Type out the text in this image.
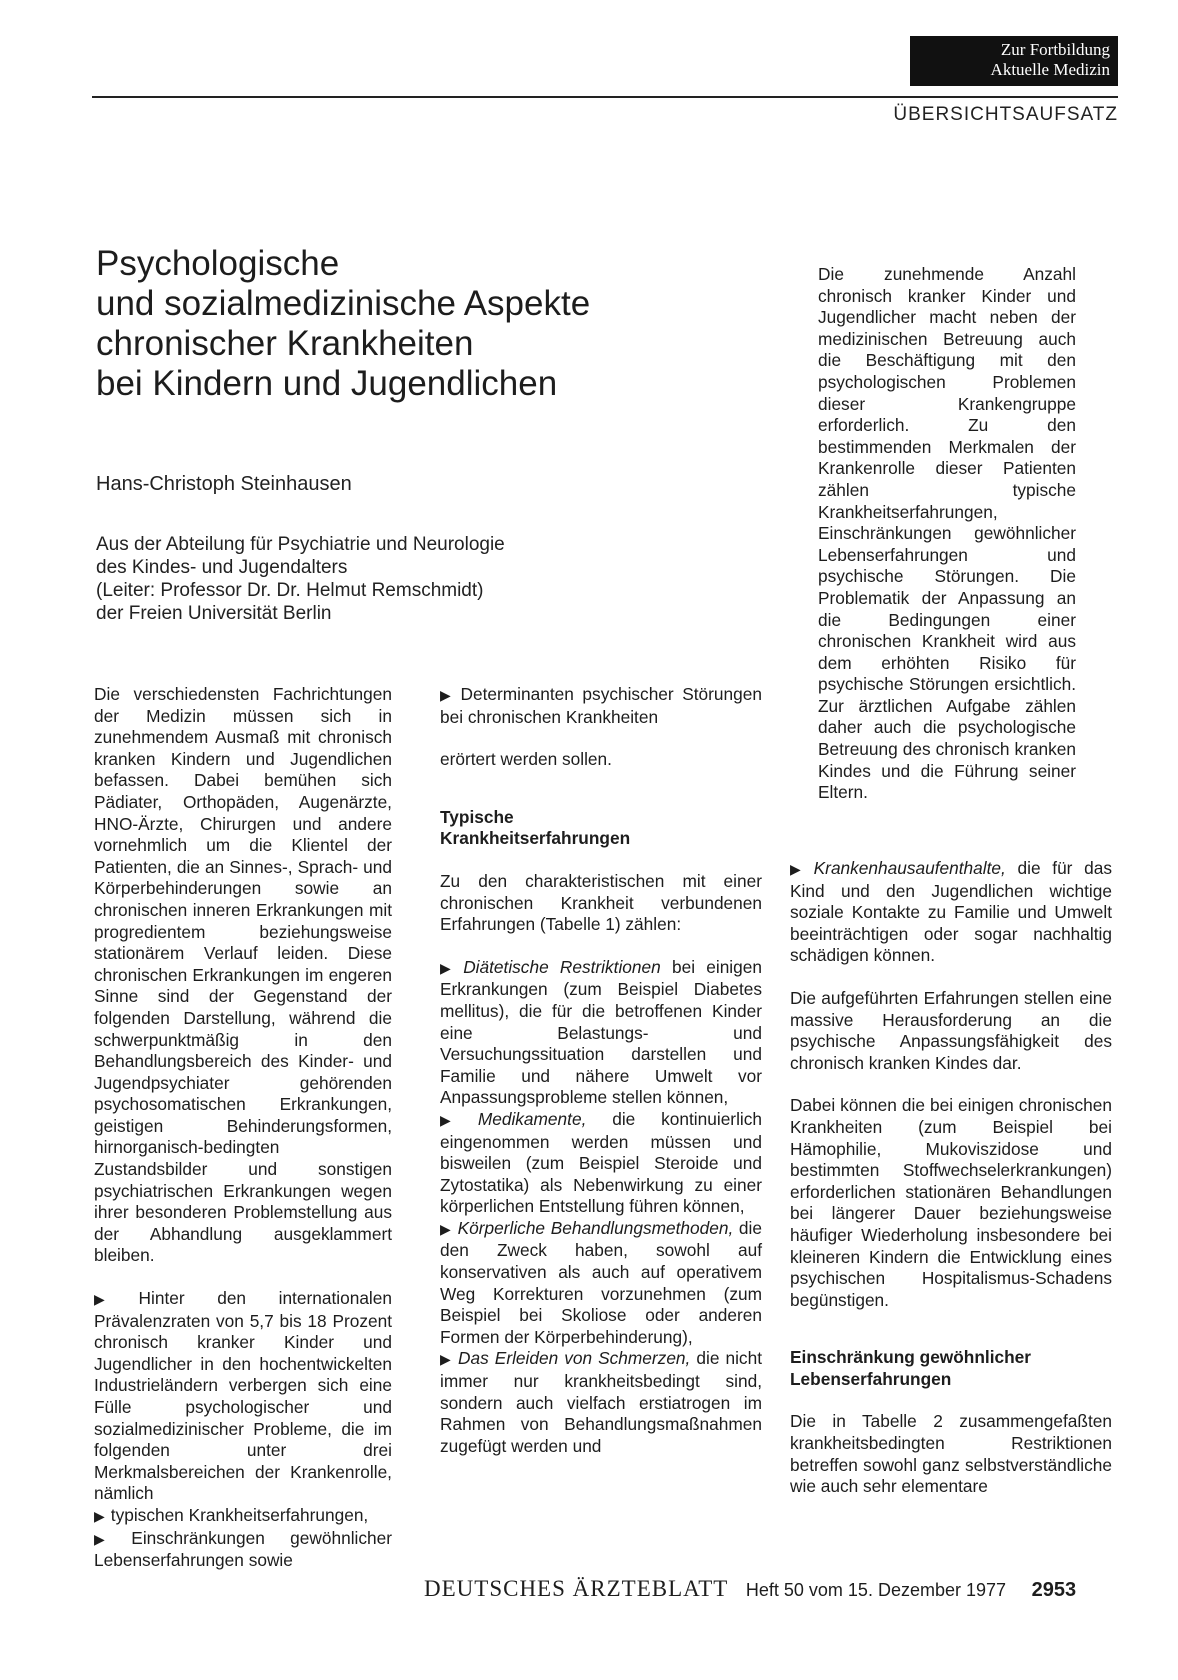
Zur Fortbildung
Aktuelle Medizin
ÜBERSICHTSAUFSATZ
Psychologische
und sozialmedizinische Aspekte
chronischer Krankheiten
bei Kindern und Jugendlichen
Hans-Christoph Steinhausen
Aus der Abteilung für Psychiatrie und Neurologie
des Kindes- und Jugendalters
(Leiter: Professor Dr. Dr. Helmut Remschmidt)
der Freien Universität Berlin

Die zunehmende Anzahl chronisch kranker Kinder und Jugendlicher macht neben der medizinischen Betreuung auch die Beschäftigung mit den psychologischen Problemen dieser Krankengruppe erforderlich. Zu den bestimmenden Merkmalen der Krankenrolle dieser Patienten zählen typische Krankheitserfahrungen, Einschränkungen gewöhnlicher Lebenserfahrungen und psychische Störungen. Die Problematik der Anpassung an die Bedingungen einer chronischen Krankheit wird aus dem erhöhten Risiko für psychische Störungen ersichtlich. Zur ärztlichen Aufgabe zählen daher auch die psychologische Betreuung des chronisch kranken Kindes und die Führung seiner Eltern.

Die verschiedensten Fachrichtungen der Medizin müssen sich in zunehmendem Ausmaß mit chronisch kranken Kindern und Jugendlichen befassen. Dabei bemühen sich Pädiater, Orthopäden, Augenärzte, HNO-Ärzte, Chirurgen und andere vornehmlich um die Klientel der Patienten, die an Sinnes-, Sprach- und Körperbehinderungen sowie an chronischen inneren Erkrankungen mit progredientem beziehungsweise stationärem Verlauf leiden. Diese chronischen Erkrankungen im engeren Sinne sind der Gegenstand der folgenden Darstellung, während die schwerpunktmäßig in den Behandlungsbereich des Kinder- und Jugendpsychiater gehörenden psychosomatischen Erkrankungen, geistigen Behinderungsformen, hirnorganisch-bedingten Zustandsbilder und sonstigen psychiatrischen Erkrankungen wegen ihrer besonderen Problemstellung aus der Abhandlung ausgeklammert bleiben.

▶ Hinter den internationalen Prävalenzraten von 5,7 bis 18 Prozent chronisch kranker Kinder und Jugendlicher in den hochentwickelten Industrieländern verbergen sich eine Fülle psychologischer und sozialmedizinischer Probleme, die im folgenden unter drei Merkmalsbereichen der Krankenrolle, nämlich

▶ typischen Krankheitserfahrungen,

▶ Einschränkungen gewöhnlicher Lebenserfahrungen sowie

▶ Determinanten psychischer Störungen bei chronischen Krankheiten

erörtert werden sollen.

Typische Krankheitserfahrungen

Zu den charakteristischen mit einer chronischen Krankheit verbundenen Erfahrungen (Tabelle 1) zählen:

▶ Diätetische Restriktionen bei einigen Erkrankungen (zum Beispiel Diabetes mellitus), die für die betroffenen Kinder eine Belastungs- und Versuchungssituation darstellen und Familie und nähere Umwelt vor Anpassungsprobleme stellen können,

▶ Medikamente, die kontinuierlich eingenommen werden müssen und bisweilen (zum Beispiel Steroide und Zytostatika) als Nebenwirkung zu einer körperlichen Entstellung führen können,

▶ Körperliche Behandlungsmethoden, die den Zweck haben, sowohl auf konservativen als auch auf operativem Weg Korrekturen vorzunehmen (zum Beispiel bei Skoliose oder anderen Formen der Körperbehinderung),

▶ Das Erleiden von Schmerzen, die nicht immer nur krankheitsbedingt sind, sondern auch vielfach erstiatrogen im Rahmen von Behandlungsmaßnahmen zugefügt werden und

▶ Krankenhausaufenthalte, die für das Kind und den Jugendlichen wichtige soziale Kontakte zu Familie und Umwelt beeinträchtigen oder sogar nachhaltig schädigen können.

Die aufgeführten Erfahrungen stellen eine massive Herausforderung an die psychische Anpassungsfähigkeit des chronisch kranken Kindes dar.

Dabei können die bei einigen chronischen Krankheiten (zum Beispiel bei Hämophilie, Mukoviszidose und bestimmten Stoffwechselerkrankungen) erforderlichen stationären Behandlungen bei längerer Dauer beziehungsweise häufiger Wiederholung insbesondere bei kleineren Kindern die Entwicklung eines psychischen Hospitalismus-Schadens begünstigen.

Einschränkung gewöhnlicher Lebenserfahrungen

Die in Tabelle 2 zusammengefaßten krankheitsbedingten Restriktionen betreffen sowohl ganz selbstverständliche wie auch sehr elementare

DEUTSCHES ÄRZTEBLATT Heft 50 vom 15. Dezember 1977 2953
